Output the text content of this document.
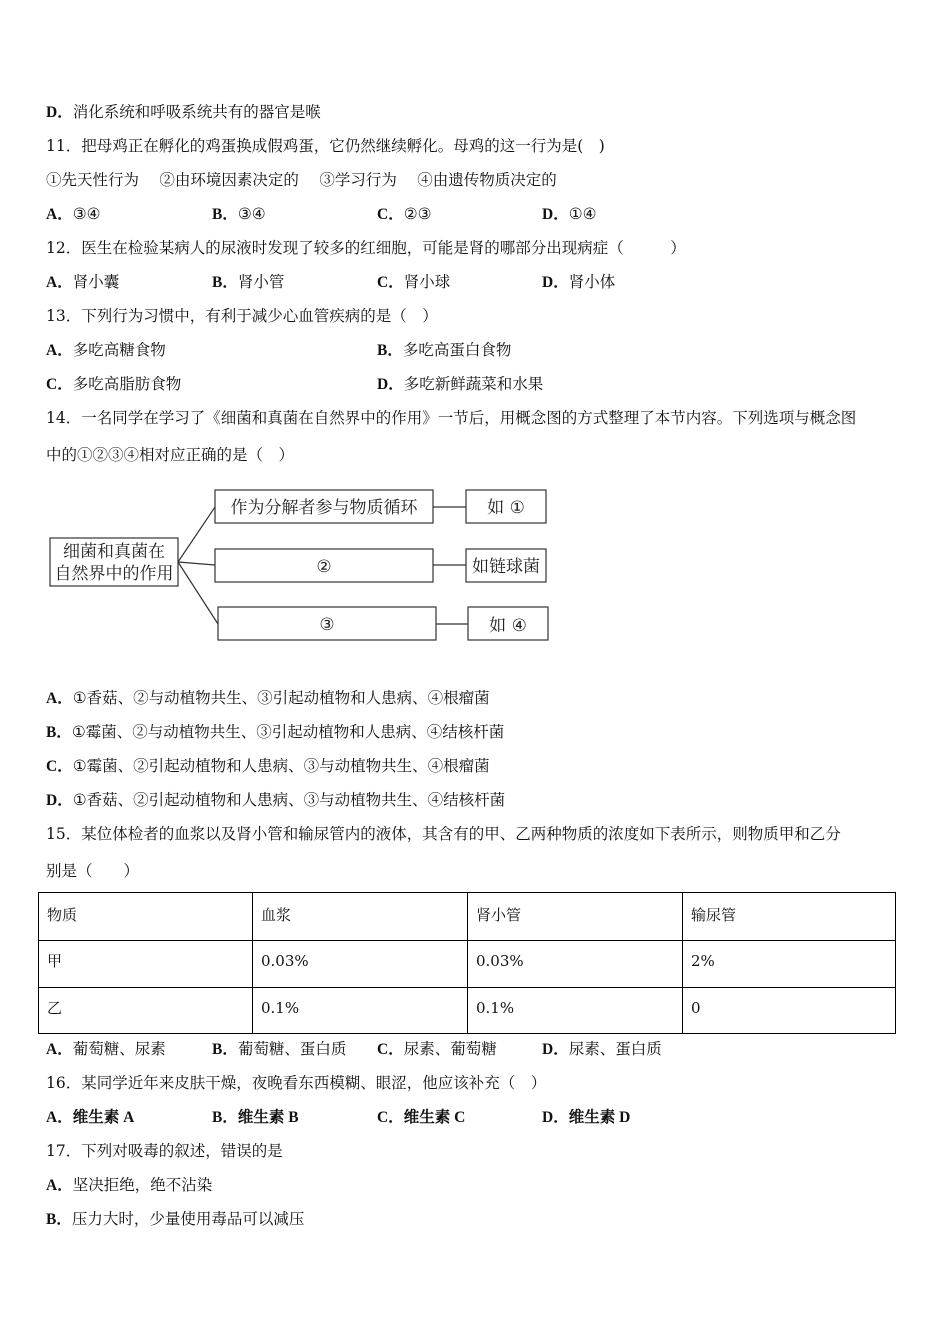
D．消化系统和呼吸系统共有的器官是喉
11．把母鸡正在孵化的鸡蛋换成假鸡蛋，它仍然继续孵化。母鸡的这一行为是(　)
①先天性行为　 ②由环境因素决定的　 ③学习行为　 ④由遗传物质决定的
A．③④	B．③④	C．②③	D．①④
12．医生在检验某病人的尿液时发现了较多的红细胞，可能是肾的哪部分出现病症（　　　）
A．肾小囊	B．肾小管	C．肾小球	D．肾小体
13．下列行为习惯中，有利于减少心血管疾病的是（　）
A．多吃高糖食物	B．多吃高蛋白食物
C．多吃高脂肪食物	D．多吃新鲜蔬菜和水果
14．一名同学在学习了《细菌和真菌在自然界中的作用》一节后，用概念图的方式整理了本节内容。下列选项与概念图
中的①②③④相对应正确的是（　）
细菌和真菌在
自然界中的作用
作为分解者参与物质循环
②
③
如 ①
如链球菌
如 ④
A．①香菇、②与动植物共生、③引起动植物和人患病、④根瘤菌
B．①霉菌、②与动植物共生、③引起动植物和人患病、④结核杆菌
C．①霉菌、②引起动植物和人患病、③与动植物共生、④根瘤菌
D．①香菇、②引起动植物和人患病、③与动植物共生、④结核杆菌
15．某位体检者的血浆以及肾小管和输尿管内的液体，其含有的甲、乙两种物质的浓度如下表所示，则物质甲和乙分
别是（　　）
物质	血浆	肾小管	输尿管
甲	0.03%	0.03%	2%
乙	0.1%	0.1%	0
A．葡萄糖、尿素	B．葡萄糖、蛋白质 C．尿素、葡萄糖	D．尿素、蛋白质
16．某同学近年来皮肤干燥，夜晚看东西模糊、眼涩，他应该补充（　）
A．维生素 A	B．维生素 B	C．维生素 C	D．维生素 D
17．下列对吸毒的叙述，错误的是
A．坚决拒绝，绝不沾染
B．压力大时，少量使用毒品可以减压
